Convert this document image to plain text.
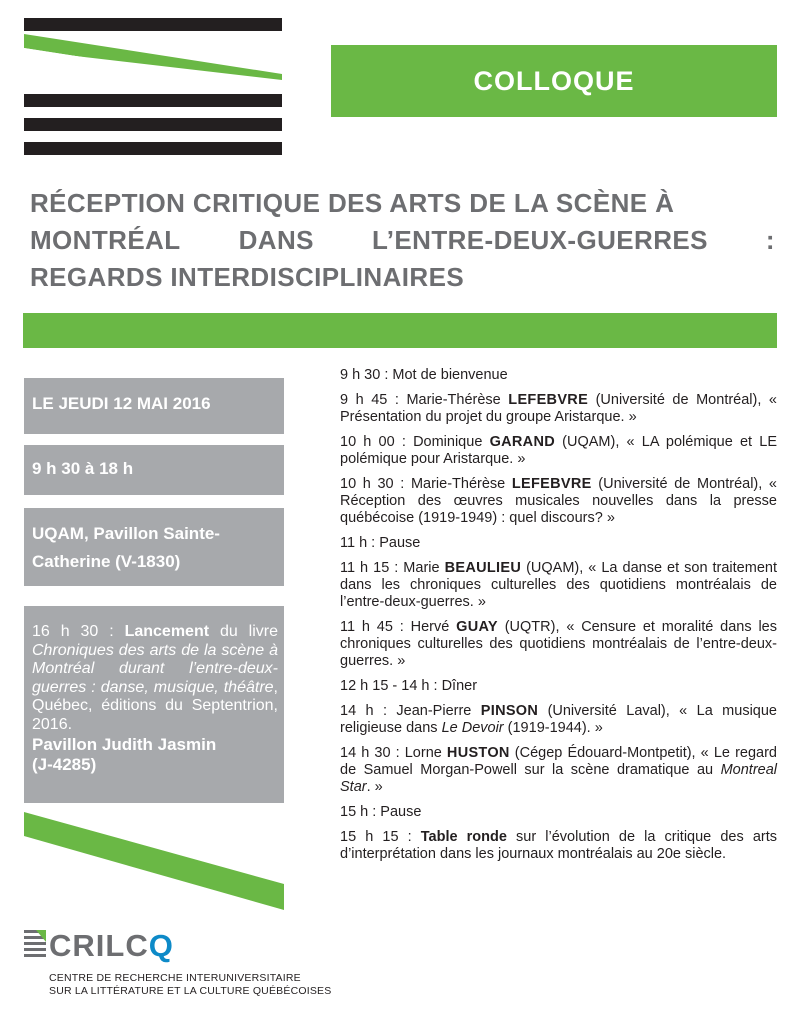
COLLOQUE
RÉCEPTION CRITIQUE DES ARTS DE LA SCÈNE À
MONTRÉAL DANS L’ENTRE-DEUX-GUERRES :
REGARDS INTERDISCIPLINAIRES
LE JEUDI 12 MAI 2016
9 h 30 à 18 h
UQAM, Pavillon Sainte-
Catherine (V-1830)
16 h 30 : Lancement du livre Chroniques des arts de la scène à Montréal durant l’entre-deux-guerres : danse, musique, théâtre, Québec, éditions du Septentrion, 2016.
Pavillon Judith Jasmin
(J-4285)

9 h 30 : Mot de bienvenue

9 h 45 : Marie-Thérèse LEFEBVRE (Université de Montréal), « Présentation du projet du groupe Aristarque. »

10 h 00 : Dominique GARAND (UQAM), « LA polémique et LE polémique pour Aristarque. »

10 h 30 : Marie-Thérèse LEFEBVRE (Université de Montréal), « Réception des œuvres musicales nouvelles dans la presse québécoise (1919-1949) : quel discours? »

11 h : Pause

11 h 15 : Marie BEAULIEU (UQAM), « La danse et son traitement dans les chroniques culturelles des quotidiens montréalais de l’entre-deux-guerres. »

11 h 45 : Hervé GUAY (UQTR), « Censure et moralité dans les chroniques culturelles des quotidiens montréalais de l’entre-deux-guerres. »

12 h 15 - 14 h : Dîner

14 h : Jean-Pierre PINSON (Université Laval), « La musique religieuse dans Le Devoir (1919-1944). »

14 h 30 : Lorne HUSTON (Cégep Édouard-Montpetit), « Le regard de Samuel Morgan-Powell sur la scène dramatique au Montreal Star. »

15 h : Pause

15 h 15 : Table ronde sur l’évolution de la critique des arts d’interprétation dans les journaux montréalais au 20e siècle.

CRILCQ
CENTRE DE RECHERCHE INTERUNIVERSITAIRE
SUR LA LITTÉRATURE ET LA CULTURE QUÉBÉCOISES
